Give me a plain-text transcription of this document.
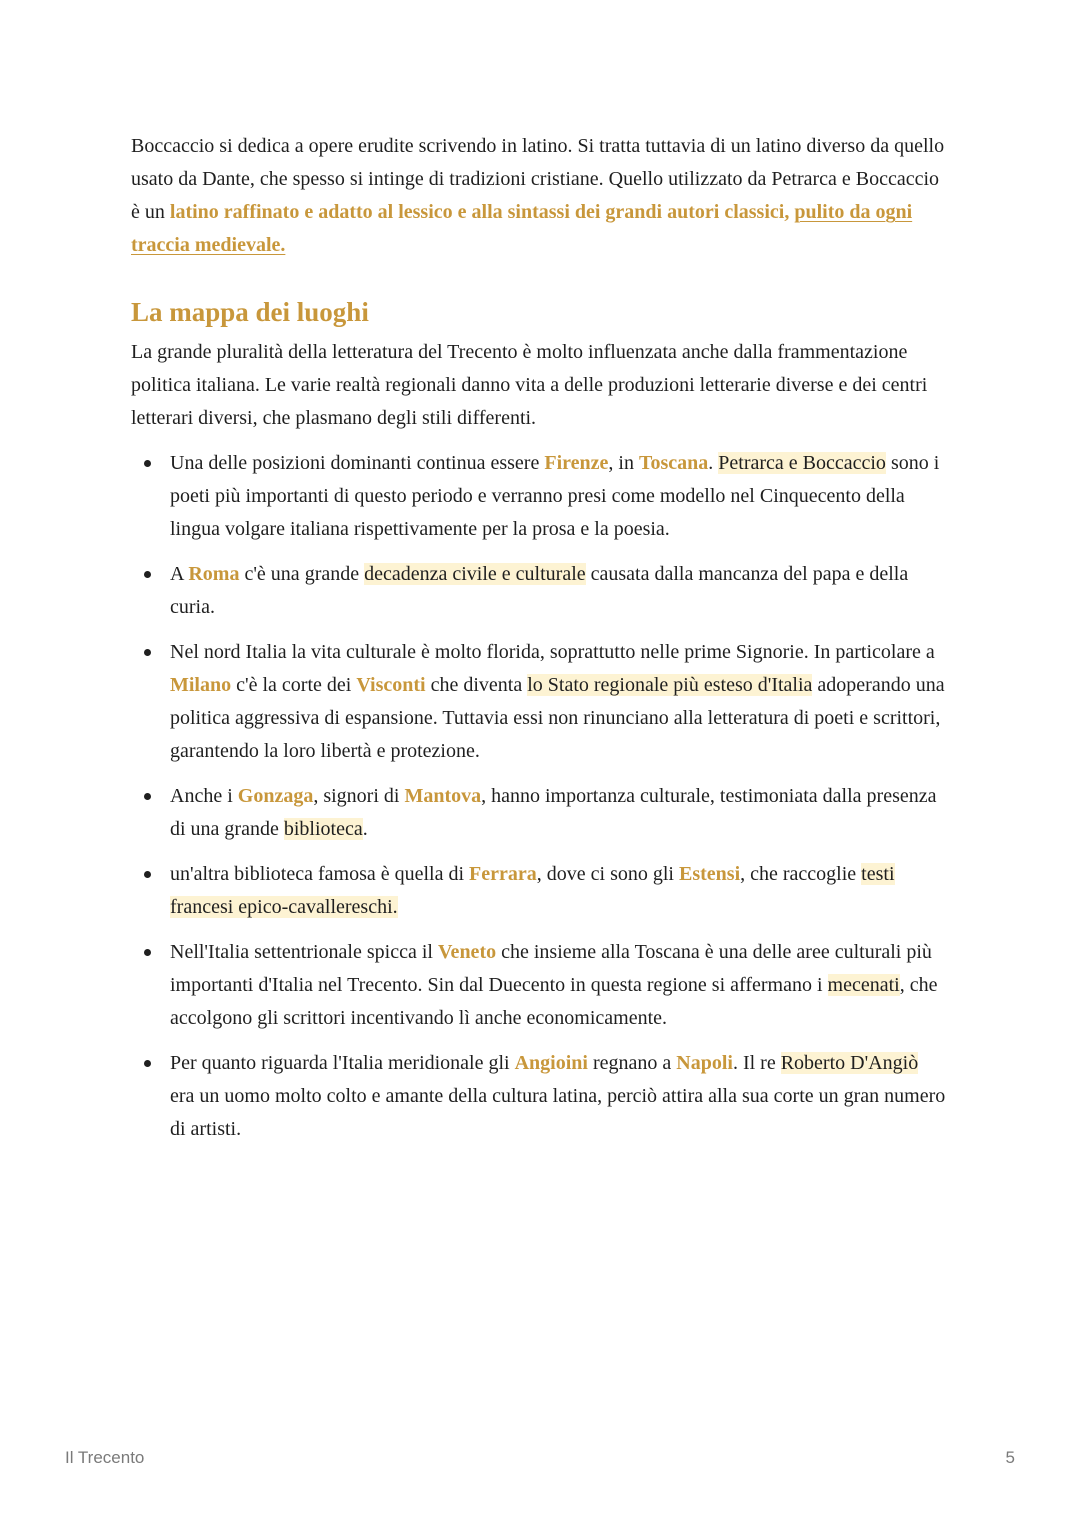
Boccaccio si dedica a opere erudite scrivendo in latino. Si tratta tuttavia di un latino diverso da quello usato da Dante, che spesso si intinge di tradizioni cristiane. Quello utilizzato da Petrarca e Boccaccio è un latino raffinato e adatto al lessico e alla sintassi dei grandi autori classici, pulito da ogni traccia medievale.

La mappa dei luoghi

La grande pluralità della letteratura del Trecento è molto influenzata anche dalla frammentazione politica italiana. Le varie realtà regionali danno vita a delle produzioni letterarie diverse e dei centri letterari diversi, che plasmano degli stili differenti.

Una delle posizioni dominanti continua essere Firenze, in Toscana. Petrarca e Boccaccio sono i poeti più importanti di questo periodo e verranno presi come modello nel Cinquecento della lingua volgare italiana rispettivamente per la prosa e la poesia.
A Roma c'è una grande decadenza civile e culturale causata dalla mancanza del papa e della curia.
Nel nord Italia la vita culturale è molto florida, soprattutto nelle prime Signorie. In particolare a Milano c'è la corte dei Visconti che diventa lo Stato regionale più esteso d'Italia adoperando una politica aggressiva di espansione. Tuttavia essi non rinunciano alla letteratura di poeti e scrittori, garantendo la loro libertà e protezione.
Anche i Gonzaga, signori di Mantova, hanno importanza culturale, testimoniata dalla presenza di una grande biblioteca.
un'altra biblioteca famosa è quella di Ferrara, dove ci sono gli Estensi, che raccoglie testi francesi epico-cavallereschi.
Nell'Italia settentrionale spicca il Veneto che insieme alla Toscana è una delle aree culturali più importanti d'Italia nel Trecento. Sin dal Duecento in questa regione si affermano i mecenati, che accolgono gli scrittori incentivando lì anche economicamente.
Per quanto riguarda l'Italia meridionale gli Angioini regnano a Napoli. Il re Roberto D'Angiò era un uomo molto colto e amante della cultura latina, perciò attira alla sua corte un gran numero di artisti.
Il Trecento	5
